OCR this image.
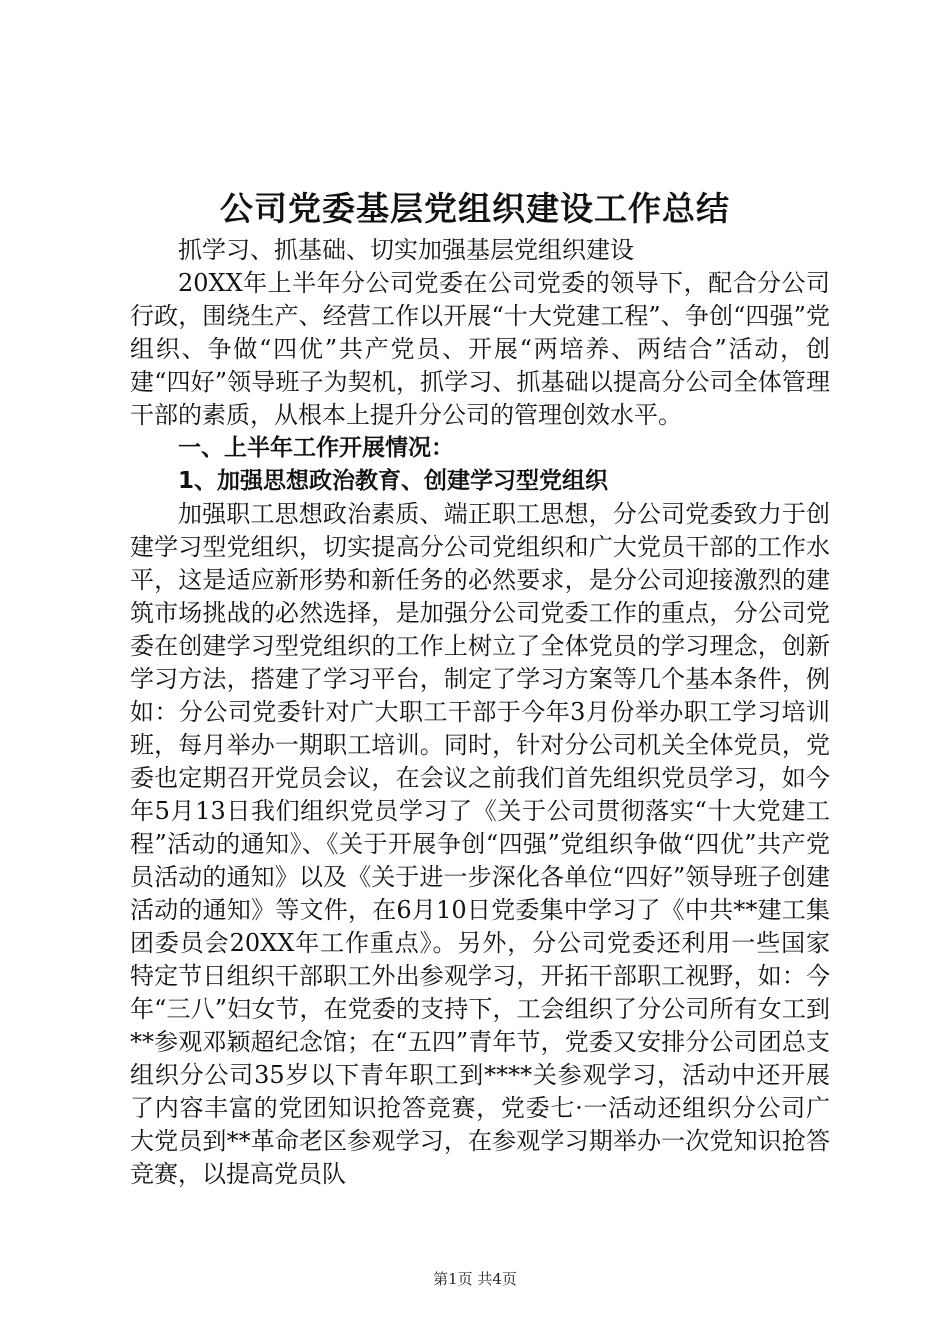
公司党委基层党组织建设工作总结

抓学习、抓基础、切实加强基层党组织建设

20XX年上半年分公司党委在公司党委的领导下，配合分公司行政，围绕生产、经营工作以开展“十大党建工程”、争创“四强”党组织、争做“四优”共产党员、开展“两培养、两结合”活动，创建“四好”领导班子为契机，抓学习、抓基础以提高分公司全体管理干部的素质，从根本上提升分公司的管理创效水平。

一、上半年工作开展情况：

1、加强思想政治教育、创建学习型党组织

加强职工思想政治素质、端正职工思想，分公司党委致力于创建学习型党组织，切实提高分公司党组织和广大党员干部的工作水平，这是适应新形势和新任务的必然要求，是分公司迎接激烈的建筑市场挑战的必然选择，是加强分公司党委工作的重点，分公司党委在创建学习型党组织的工作上树立了全体党员的学习理念，创新学习方法，搭建了学习平台，制定了学习方案等几个基本条件，例如：分公司党委针对广大职工干部于今年3月份举办职工学习培训班，每月举办一期职工培训。同时，针对分公司机关全体党员，党委也定期召开党员会议，在会议之前我们首先组织党员学习，如今年5月13日我们组织党员学习了《关于公司贯彻落实“十大党建工程”活动的通知》、《关于开展争创“四强”党组织争做“四优”共产党员活动的通知》以及《关于进一步深化各单位“四好”领导班子创建活动的通知》等文件，在6月10日党委集中学习了《中共**建工集团委员会20XX年工作重点》。另外，分公司党委还利用一些国家特定节日组织干部职工外出参观学习，开拓干部职工视野，如：今年“三八”妇女节，在党委的支持下，工会组织了分公司所有女工到**参观邓颖超纪念馆；在“五四”青年节，党委又安排分公司团总支组织分公司35岁以下青年职工到****关参观学习，活动中还开展了内容丰富的党团知识抢答竞赛，党委七·一活动还组织分公司广大党员到**革命老区参观学习，在参观学习期举办一次党知识抢答竞赛，以提高党员队

第1页 共4页
